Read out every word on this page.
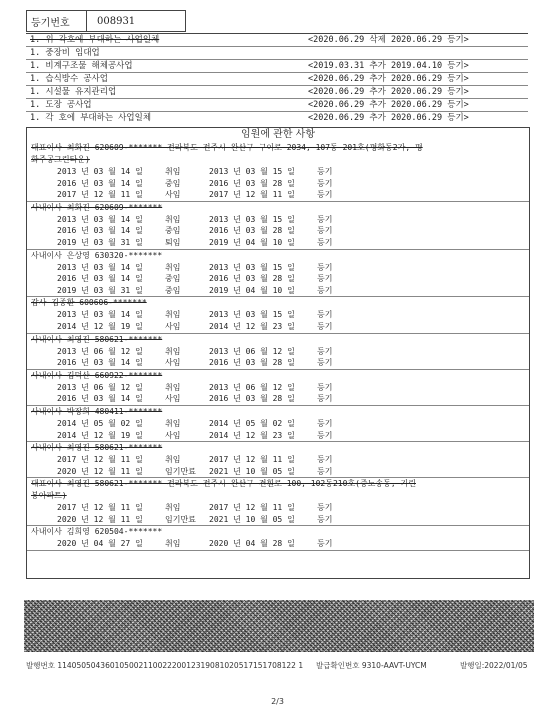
등기번호	008931
1. 위 각호에 부대하는 사업일체	<2020.06.29 삭제 2020.06.29 등기>
1. 중장비 임대업
1. 비계구조물 해체공사업	<2019.03.31 추가 2019.04.10 등기>
1. 습식방수 공사업	<2020.06.29 추가 2020.06.29 등기>
1. 시설물 유지관리업	<2020.06.29 추가 2020.06.29 등기>
1. 도장 공사업	<2020.06.29 추가 2020.06.29 등기>
1. 각 호에 부대하는 사업일체	<2020.06.29 추가 2020.06.29 등기>
임원에 관한 사항
대표이사 최화진 620609-******* 전라북도 전주시 완산구 구이로 2034, 107동 201호(평화동2가, 평
화주공그린타운)
2013 년 03 월 14 일	취임	2013 년 03 월 15 일	등기
2016 년 03 월 14 일	중임	2016 년 03 월 28 일	등기
2017 년 12 월 11 일	사임	2017 년 12 월 11 일	등기
사내이사 최화진 620609-*******
2013 년 03 월 14 일	취임	2013 년 03 월 15 일	등기
2016 년 03 월 14 일	중임	2016 년 03 월 28 일	등기
2019 년 03 월 31 일	퇴임	2019 년 04 월 10 일	등기
사내이사 은상영 630320-*******
2013 년 03 월 14 일	취임	2013 년 03 월 15 일	등기
2016 년 03 월 14 일	중임	2016 년 03 월 28 일	등기
2019 년 03 월 31 일	중임	2019 년 04 월 10 일	등기
감사 김종환 600606-*******
2013 년 03 월 14 일	취임	2013 년 03 월 15 일	등기
2014 년 12 월 19 일	사임	2014 년 12 월 23 일	등기
사내이사 최영진 580621-*******
2013 년 06 월 12 일	취임	2013 년 06 월 12 일	등기
2016 년 03 월 14 일	사임	2016 년 03 월 28 일	등기
사내이사 김덕산 660922-*******
2013 년 06 월 12 일	취임	2013 년 06 월 12 일	등기
2016 년 03 월 14 일	사임	2016 년 03 월 28 일	등기
사내이사 박장희 480411-*******
2014 년 05 월 02 일	취임	2014 년 05 월 02 일	등기
2014 년 12 월 19 일	사임	2014 년 12 월 23 일	등기
사내이사 최영진 580621-*******
2017 년 12 월 11 일	취임	2017 년 12 월 11 일	등기
2020 년 12 월 11 일	임기만료 2021 년 10 월 05 일	등기
대표이사 최영진 580621-******* 전라북도 전주시 완산구 견훤로 100, 102동210호(중노송동, 기린
봉아파트)
2017 년 12 월 11 일	취임	2017 년 12 월 11 일	등기
2020 년 12 월 11 일	임기만료 2021 년 10 월 05 일	등기
사내이사 김희영 620504-*******
2020 년 04 월 27 일	취임	2020 년 04 월 28 일	등기
발행번호 11405050436010500211002220012319081020517151708122 1 발급확인번호 9310-AAVT-UYCM	발행일:2022/01/05
2/3
